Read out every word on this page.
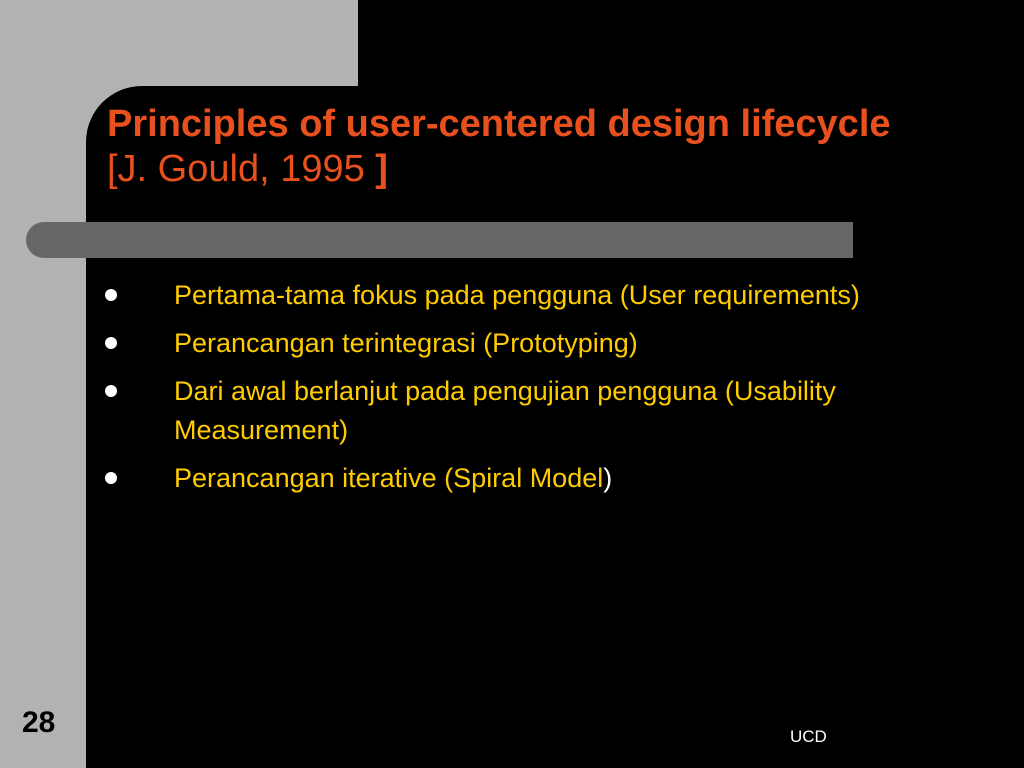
Principles of user-centered design lifecycle [J. Gould, 1995 ]
Pertama-tama fokus pada pengguna (User requirements)
Perancangan terintegrasi (Prototyping)
Dari awal berlanjut pada pengujian pengguna (Usability Measurement)
Perancangan iterative (Spiral Model)
28	UCD
